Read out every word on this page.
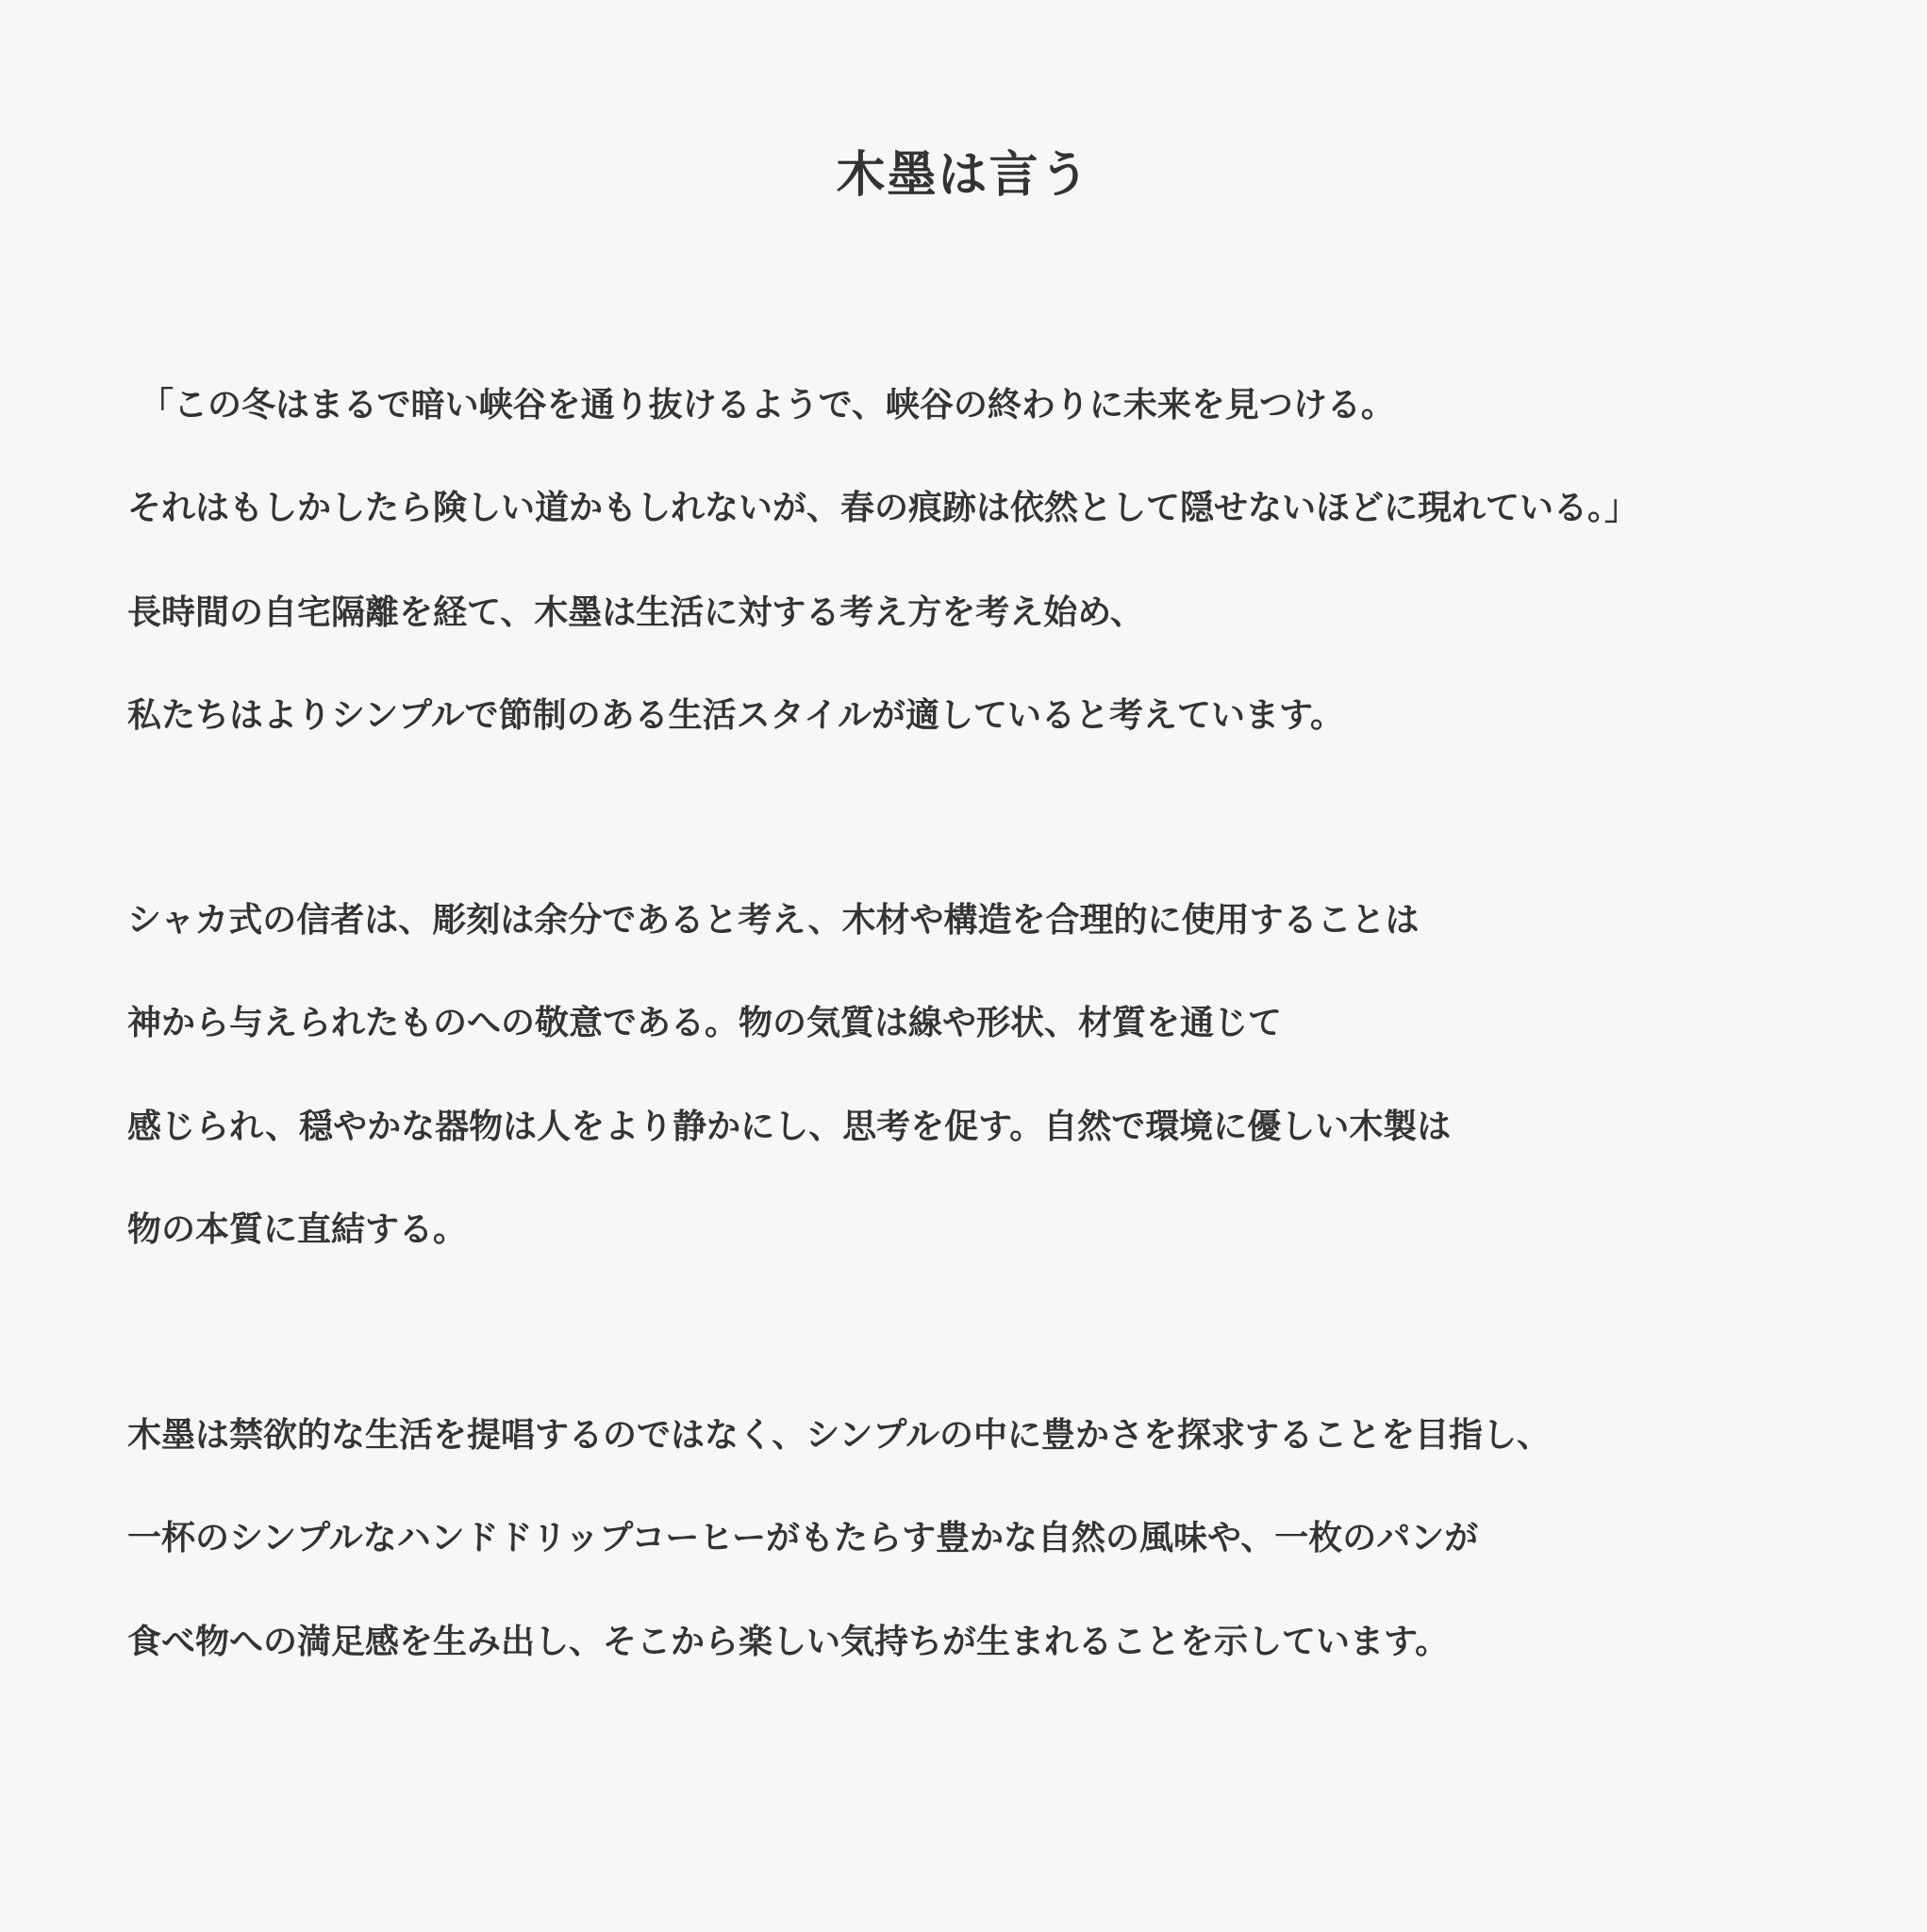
木墨は言う

「この冬はまるで暗い峡谷を通り抜けるようで、峡谷の終わりに未来を見つける。

それはもしかしたら険しい道かもしれないが、春の痕跡は依然として隠せないほどに現れている。」

長時間の自宅隔離を経て、木墨は生活に対する考え方を考え始め、

私たちはよりシンプルで節制のある生活スタイルが適していると考えています。

シャカ式の信者は、彫刻は余分であると考え、木材や構造を合理的に使用することは

神から与えられたものへの敬意である。物の気質は線や形状、材質を通じて

感じられ、穏やかな器物は人をより静かにし、思考を促す。自然で環境に優しい木製は

物の本質に直結する。

木墨は禁欲的な生活を提唱するのではなく、シンプルの中に豊かさを探求することを目指し、

一杯のシンプルなハンドドリップコーヒーがもたらす豊かな自然の風味や、一枚のパンが

食べ物への満足感を生み出し、そこから楽しい気持ちが生まれることを示しています。
